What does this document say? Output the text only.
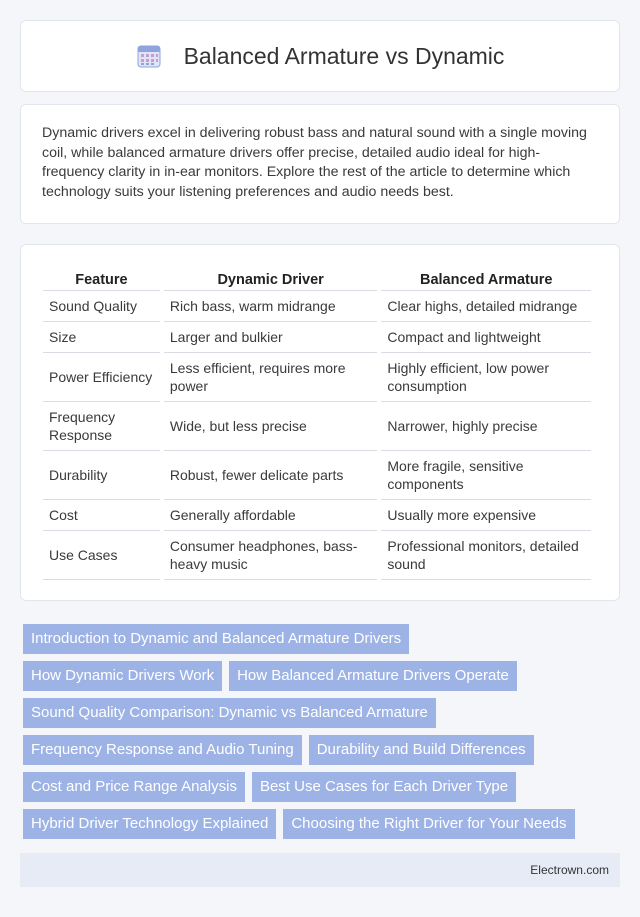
Balanced Armature vs Dynamic

Dynamic drivers excel in delivering robust bass and natural sound with a single moving coil, while balanced armature drivers offer precise, detailed audio ideal for high-frequency clarity in in-ear monitors. Explore the rest of the article to determine which technology suits your listening preferences and audio needs best.

Feature	Dynamic Driver	Balanced Armature
Sound Quality	Rich bass, warm midrange	Clear highs, detailed midrange
Size	Larger and bulkier	Compact and lightweight
Power Efficiency	Less efficient, requires more power	Highly efficient, low power consumption
Frequency Response	Wide, but less precise	Narrower, highly precise
Durability	Robust, fewer delicate parts	More fragile, sensitive components
Cost	Generally affordable	Usually more expensive
Use Cases	Consumer headphones, bass-heavy music	Professional monitors, detailed sound
Introduction to Dynamic and Balanced Armature Drivers
How Dynamic Drivers Work	How Balanced Armature Drivers Operate
Sound Quality Comparison: Dynamic vs Balanced Armature
Frequency Response and Audio Tuning	Durability and Build Differences
Cost and Price Range Analysis	Best Use Cases for Each Driver Type
Hybrid Driver Technology Explained	Choosing the Right Driver for Your Needs
Electrown.com
